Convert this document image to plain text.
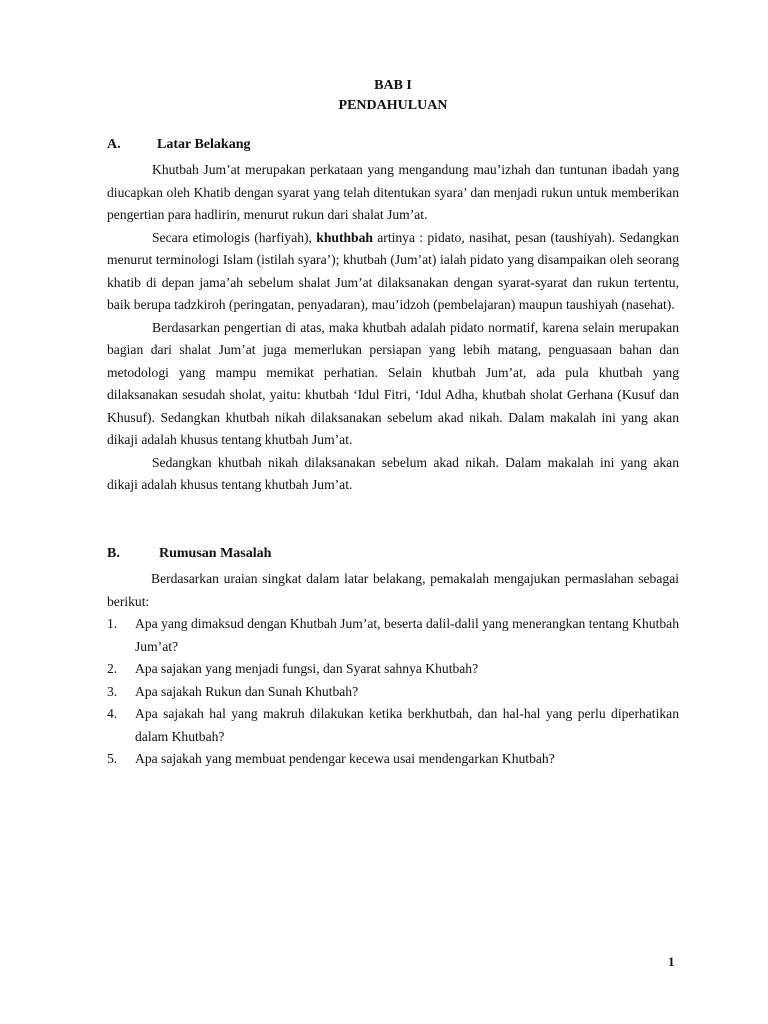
BAB I
PENDAHULUAN
A.	Latar Belakang

Khutbah Jum’at merupakan perkataan yang mengandung mau’izhah dan tuntunan ibadah yang diucapkan oleh Khatib dengan syarat yang telah ditentukan syara’ dan menjadi rukun untuk memberikan pengertian para hadlirin, menurut rukun dari shalat Jum’at.

Secara etimologis (harfiyah), khuthbah artinya : pidato, nasihat, pesan (taushiyah). Sedangkan menurut terminologi Islam (istilah syara’); khutbah (Jum’at) ialah pidato yang disampaikan oleh seorang khatib di depan jama’ah sebelum shalat Jum’at dilaksanakan dengan syarat-syarat dan rukun tertentu, baik berupa tadzkiroh (peringatan, penyadaran), mau’idzoh (pembelajaran) maupun taushiyah (nasehat).

Berdasarkan pengertian di atas, maka khutbah adalah pidato normatif, karena selain merupakan bagian dari shalat Jum’at juga memerlukan persiapan yang lebih matang, penguasaan bahan dan metodologi yang mampu memikat perhatian. Selain khutbah Jum’at, ada pula khutbah yang dilaksanakan sesudah sholat, yaitu: khutbah ‘Idul Fitri, ‘Idul Adha, khutbah sholat Gerhana (Kusuf dan Khusuf). Sedangkan khutbah nikah dilaksanakan sebelum akad nikah. Dalam makalah ini yang akan dikaji adalah khusus tentang khutbah Jum’at.

Sedangkan khutbah nikah dilaksanakan sebelum akad nikah. Dalam makalah ini yang akan dikaji adalah khusus tentang khutbah Jum’at.

B.	Rumusan Masalah

Berdasarkan uraian singkat dalam latar belakang, pemakalah mengajukan permaslahan sebagai berikut:

1. Apa yang dimaksud dengan Khutbah Jum’at, beserta dalil-dalil yang menerangkan tentang Khutbah Jum’at?
2. Apa sajakan yang menjadi fungsi, dan Syarat sahnya Khutbah?
3. Apa sajakah Rukun dan Sunah Khutbah?
4. Apa sajakah hal yang makruh dilakukan ketika berkhutbah, dan hal-hal yang perlu diperhatikan dalam Khutbah?
5. Apa sajakah yang membuat pendengar kecewa usai mendengarkan Khutbah?
1
